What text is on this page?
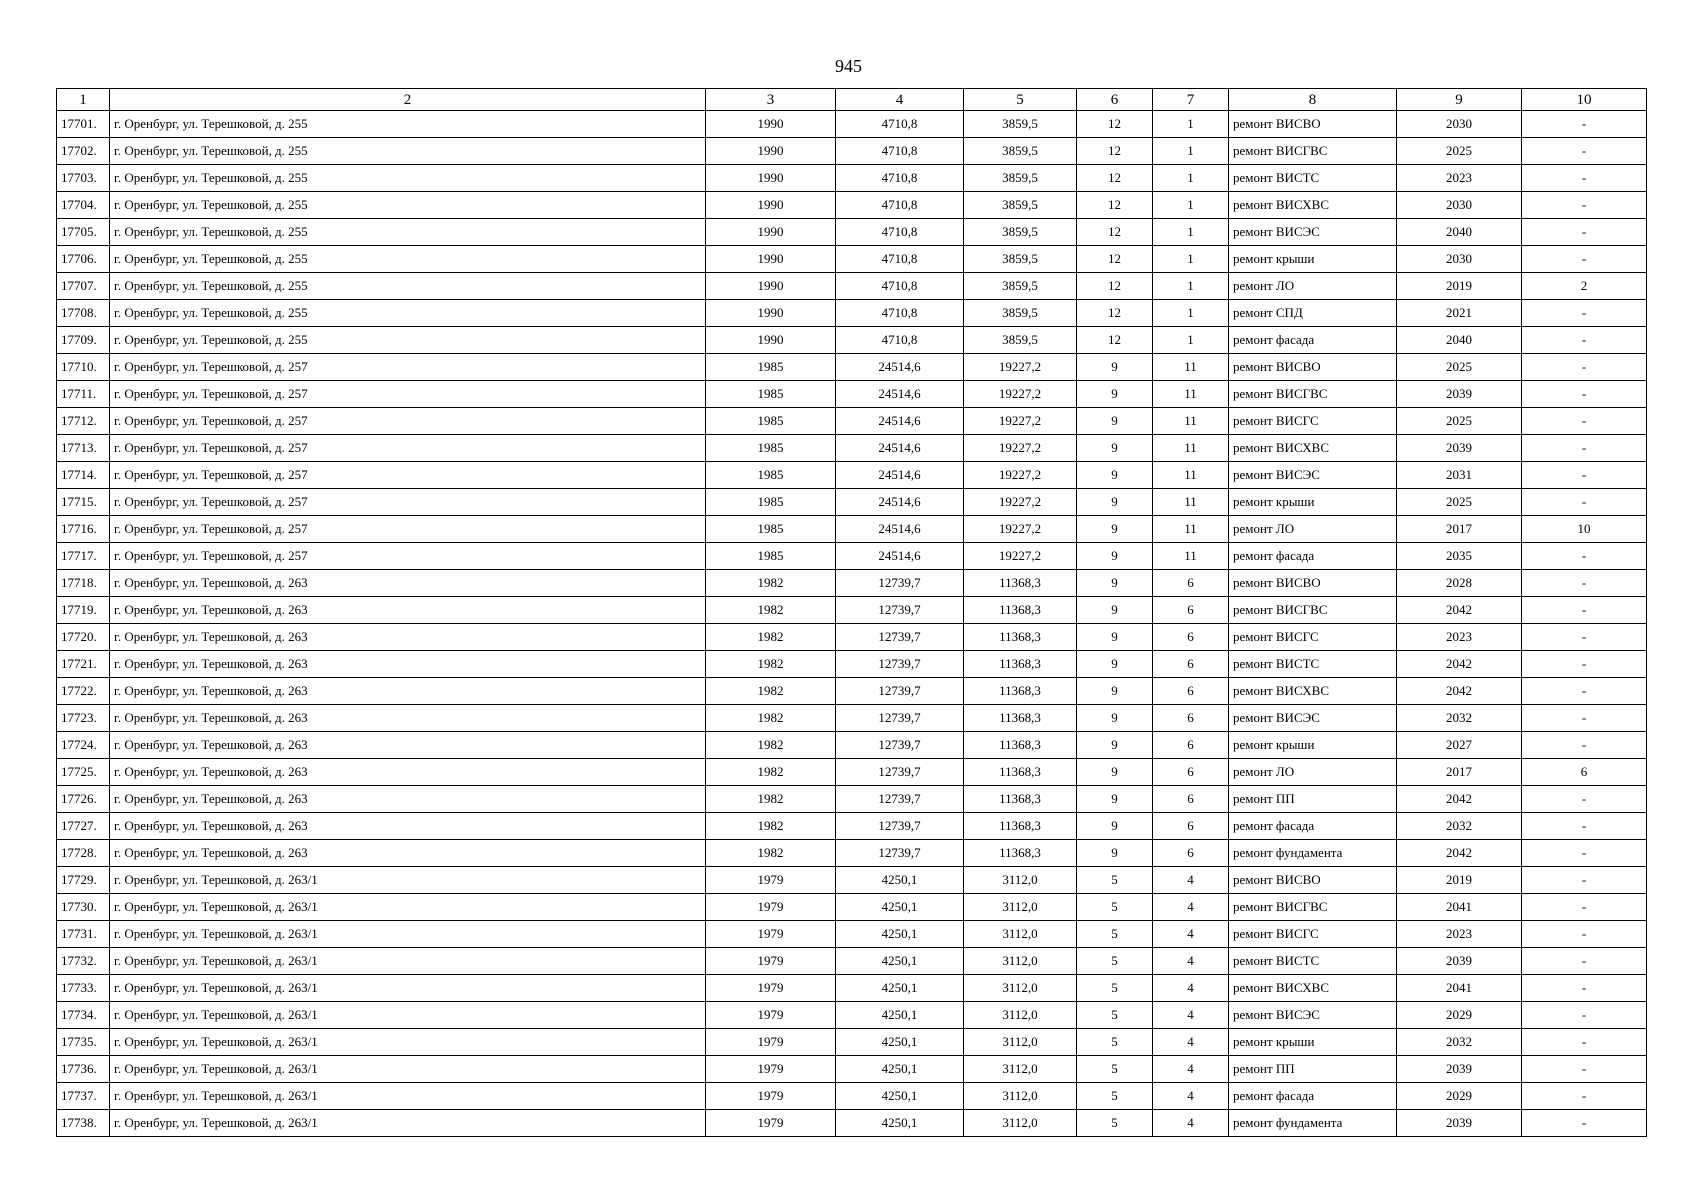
945
1	2	3	4	5	6	7	8	9	10
17701.	г. Оренбург, ул. Терешковой, д. 255	1990	4710,8	3859,5	12	1	ремонт ВИСВО	2030	-
17702.	г. Оренбург, ул. Терешковой, д. 255	1990	4710,8	3859,5	12	1	ремонт ВИСГВС	2025	-
17703.	г. Оренбург, ул. Терешковой, д. 255	1990	4710,8	3859,5	12	1	ремонт ВИСТС	2023	-
17704.	г. Оренбург, ул. Терешковой, д. 255	1990	4710,8	3859,5	12	1	ремонт ВИСХВС	2030	-
17705.	г. Оренбург, ул. Терешковой, д. 255	1990	4710,8	3859,5	12	1	ремонт ВИСЭС	2040	-
17706.	г. Оренбург, ул. Терешковой, д. 255	1990	4710,8	3859,5	12	1	ремонт крыши	2030	-
17707.	г. Оренбург, ул. Терешковой, д. 255	1990	4710,8	3859,5	12	1	ремонт ЛО	2019	2
17708.	г. Оренбург, ул. Терешковой, д. 255	1990	4710,8	3859,5	12	1	ремонт СПД	2021	-
17709.	г. Оренбург, ул. Терешковой, д. 255	1990	4710,8	3859,5	12	1	ремонт фасада	2040	-
17710.	г. Оренбург, ул. Терешковой, д. 257	1985	24514,6	19227,2	9	11	ремонт ВИСВО	2025	-
17711.	г. Оренбург, ул. Терешковой, д. 257	1985	24514,6	19227,2	9	11	ремонт ВИСГВС	2039	-
17712.	г. Оренбург, ул. Терешковой, д. 257	1985	24514,6	19227,2	9	11	ремонт ВИСГС	2025	-
17713.	г. Оренбург, ул. Терешковой, д. 257	1985	24514,6	19227,2	9	11	ремонт ВИСХВС	2039	-
17714.	г. Оренбург, ул. Терешковой, д. 257	1985	24514,6	19227,2	9	11	ремонт ВИСЭС	2031	-
17715.	г. Оренбург, ул. Терешковой, д. 257	1985	24514,6	19227,2	9	11	ремонт крыши	2025	-
17716.	г. Оренбург, ул. Терешковой, д. 257	1985	24514,6	19227,2	9	11	ремонт ЛО	2017	10
17717.	г. Оренбург, ул. Терешковой, д. 257	1985	24514,6	19227,2	9	11	ремонт фасада	2035	-
17718.	г. Оренбург, ул. Терешковой, д. 263	1982	12739,7	11368,3	9	6	ремонт ВИСВО	2028	-
17719.	г. Оренбург, ул. Терешковой, д. 263	1982	12739,7	11368,3	9	6	ремонт ВИСГВС	2042	-
17720.	г. Оренбург, ул. Терешковой, д. 263	1982	12739,7	11368,3	9	6	ремонт ВИСГС	2023	-
17721.	г. Оренбург, ул. Терешковой, д. 263	1982	12739,7	11368,3	9	6	ремонт ВИСТС	2042	-
17722.	г. Оренбург, ул. Терешковой, д. 263	1982	12739,7	11368,3	9	6	ремонт ВИСХВС	2042	-
17723.	г. Оренбург, ул. Терешковой, д. 263	1982	12739,7	11368,3	9	6	ремонт ВИСЭС	2032	-
17724.	г. Оренбург, ул. Терешковой, д. 263	1982	12739,7	11368,3	9	6	ремонт крыши	2027	-
17725.	г. Оренбург, ул. Терешковой, д. 263	1982	12739,7	11368,3	9	6	ремонт ЛО	2017	6
17726.	г. Оренбург, ул. Терешковой, д. 263	1982	12739,7	11368,3	9	6	ремонт ПП	2042	-
17727.	г. Оренбург, ул. Терешковой, д. 263	1982	12739,7	11368,3	9	6	ремонт фасада	2032	-
17728.	г. Оренбург, ул. Терешковой, д. 263	1982	12739,7	11368,3	9	6	ремонт фундамента	2042	-
17729.	г. Оренбург, ул. Терешковой, д. 263/1	1979	4250,1	3112,0	5	4	ремонт ВИСВО	2019	-
17730.	г. Оренбург, ул. Терешковой, д. 263/1	1979	4250,1	3112,0	5	4	ремонт ВИСГВС	2041	-
17731.	г. Оренбург, ул. Терешковой, д. 263/1	1979	4250,1	3112,0	5	4	ремонт ВИСГС	2023	-
17732.	г. Оренбург, ул. Терешковой, д. 263/1	1979	4250,1	3112,0	5	4	ремонт ВИСТС	2039	-
17733.	г. Оренбург, ул. Терешковой, д. 263/1	1979	4250,1	3112,0	5	4	ремонт ВИСХВС	2041	-
17734.	г. Оренбург, ул. Терешковой, д. 263/1	1979	4250,1	3112,0	5	4	ремонт ВИСЭС	2029	-
17735.	г. Оренбург, ул. Терешковой, д. 263/1	1979	4250,1	3112,0	5	4	ремонт крыши	2032	-
17736.	г. Оренбург, ул. Терешковой, д. 263/1	1979	4250,1	3112,0	5	4	ремонт ПП	2039	-
17737.	г. Оренбург, ул. Терешковой, д. 263/1	1979	4250,1	3112,0	5	4	ремонт фасада	2029	-
17738.	г. Оренбург, ул. Терешковой, д. 263/1	1979	4250,1	3112,0	5	4	ремонт фундамента	2039	-
